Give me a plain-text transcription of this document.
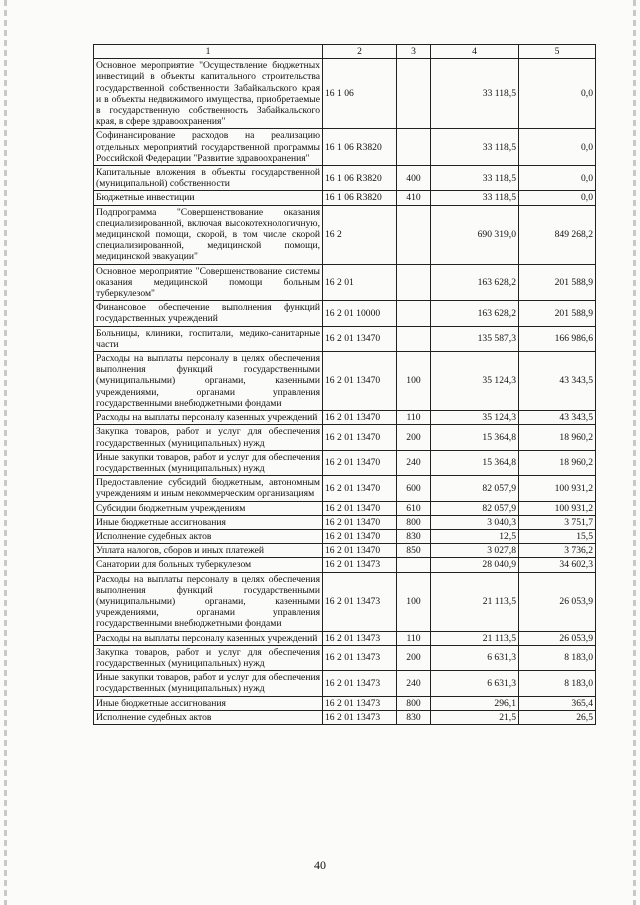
1	2	3	4	5
Основное мероприятие "Осуществление бюджетных инвестиций в объекты капитального строительства государственной собственности Забайкальского края и в объекты недвижимого имущества, приобретаемые в государственную собственность Забайкальского края, в сфере здравоохранения"	16 1 06		33 118,5	0,0
Софинансирование расходов на реализацию отдельных мероприятий государственной программы Российской Федерации "Развитие здравоохранения"	16 1 06 R3820		33 118,5	0,0
Капитальные вложения в объекты государственной (муниципальной) собственности	16 1 06 R3820	400	33 118,5	0,0
Бюджетные инвестиции	16 1 06 R3820	410	33 118,5	0,0
Подпрограмма "Совершенствование оказания специализированной, включая высокотехнологичную, медицинской помощи, скорой, в том числе скорой специализированной, медицинской помощи, медицинской эвакуации"	16 2		690 319,0	849 268,2
Основное мероприятие "Совершенствование системы оказания медицинской помощи больным туберкулезом"	16 2 01		163 628,2	201 588,9
Финансовое обеспечение выполнения функций государственных учреждений	16 2 01 10000		163 628,2	201 588,9
Больницы, клиники, госпитали, медико-санитарные части	16 2 01 13470		135 587,3	166 986,6
Расходы на выплаты персоналу в целях обеспечения выполнения функций государственными (муниципальными) органами, казенными учреждениями, органами управления государственными внебюджетными фондами	16 2 01 13470	100	35 124,3	43 343,5
Расходы на выплаты персоналу казенных учреждений	16 2 01 13470	110	35 124,3	43 343,5
Закупка товаров, работ и услуг для обеспечения государственных (муниципальных) нужд	16 2 01 13470	200	15 364,8	18 960,2
Иные закупки товаров, работ и услуг для обеспечения государственных (муниципальных) нужд	16 2 01 13470	240	15 364,8	18 960,2
Предоставление субсидий бюджетным, автономным учреждениям и иным некоммерческим организациям	16 2 01 13470	600	82 057,9	100 931,2
Субсидии бюджетным учреждениям	16 2 01 13470	610	82 057,9	100 931,2
Иные бюджетные ассигнования	16 2 01 13470	800	3 040,3	3 751,7
Исполнение судебных актов	16 2 01 13470	830	12,5	15,5
Уплата налогов, сборов и иных платежей	16 2 01 13470	850	3 027,8	3 736,2
Санатории для больных туберкулезом	16 2 01 13473		28 040,9	34 602,3
Расходы на выплаты персоналу в целях обеспечения выполнения функций государственными (муниципальными) органами, казенными учреждениями, органами управления государственными внебюджетными фондами	16 2 01 13473	100	21 113,5	26 053,9
Расходы на выплаты персоналу казенных учреждений	16 2 01 13473	110	21 113,5	26 053,9
Закупка товаров, работ и услуг для обеспечения государственных (муниципальных) нужд	16 2 01 13473	200	6 631,3	8 183,0
Иные закупки товаров, работ и услуг для обеспечения государственных (муниципальных) нужд	16 2 01 13473	240	6 631,3	8 183,0
Иные бюджетные ассигнования	16 2 01 13473	800	296,1	365,4
Исполнение судебных актов	16 2 01 13473	830	21,5	26,5
40
